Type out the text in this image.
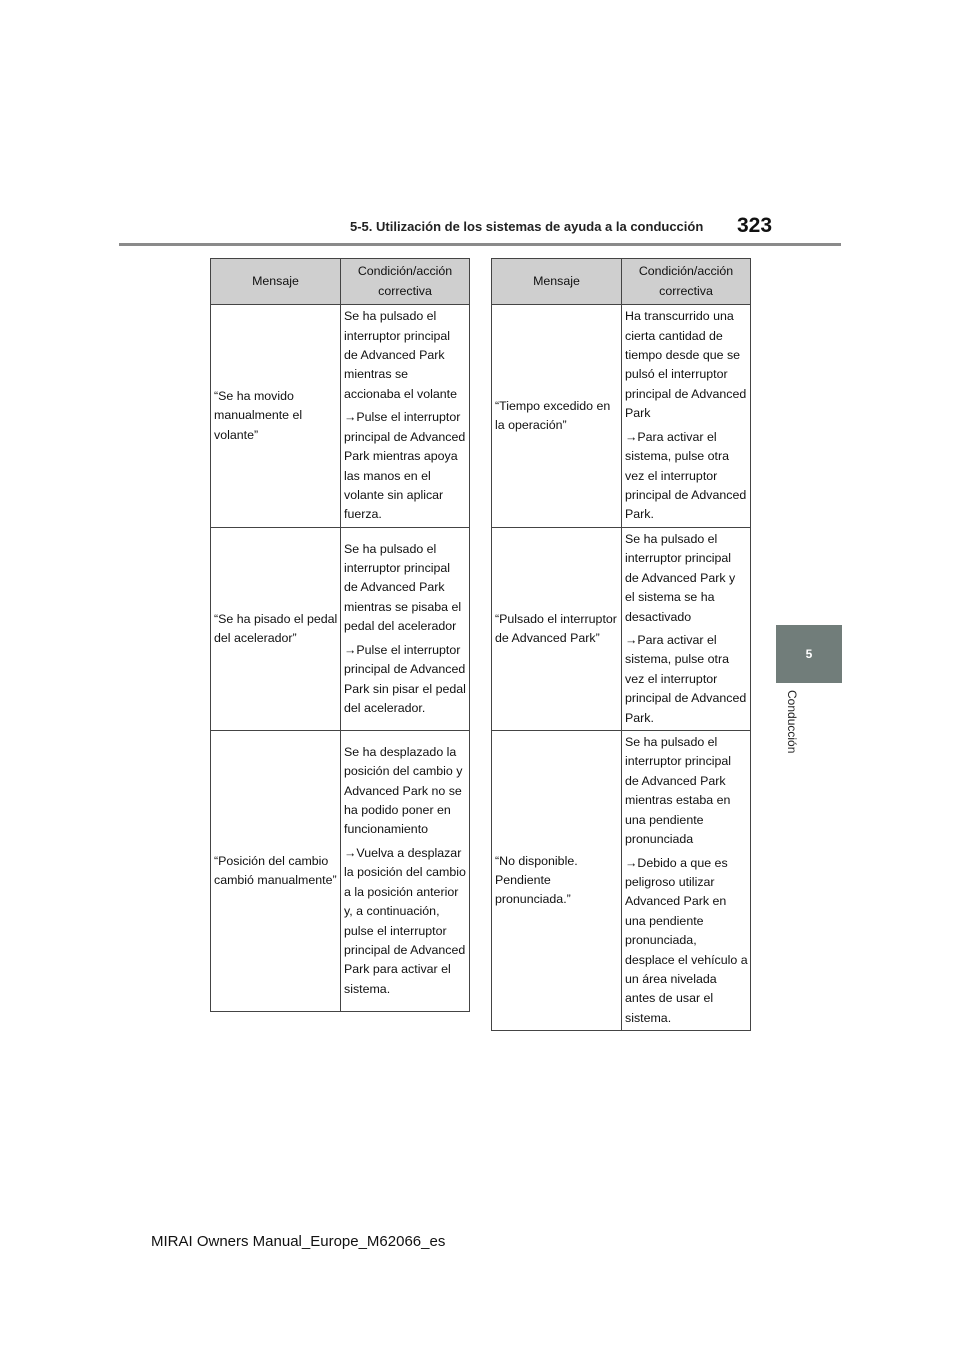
5-5. Utilización de los sistemas de ayuda a la conducción 323
5
Conducción
Mensaje	Condición/acción correctiva
“Se ha movido manualmente el volante”	Se ha pulsado el interruptor principal de Advanced Park mientras se accionaba el volante

→Pulse el interruptor principal de Advanced Park mientras apoya las manos en el volante sin aplicar fuerza.

“Se ha pisado el pedal del acelerador”	Se ha pulsado el interruptor principal de Advanced Park mientras se pisaba el pedal del acelerador

→Pulse el interruptor principal de Advanced Park sin pisar el pedal del acelerador.

“Posición del cambio cambió manualmente”	Se ha desplazado la posición del cambio y Advanced Park no se ha podido poner en funcionamiento

→Vuelva a desplazar la posición del cambio a la posición anterior y, a continuación, pulse el interruptor principal de Advanced Park para activar el sistema.

Mensaje	Condición/acción correctiva
“Tiempo excedido en la operación”	Ha transcurrido una cierta cantidad de tiempo desde que se pulsó el interruptor principal de Advanced Park

→Para activar el sistema, pulse otra vez el interruptor principal de Advanced Park.

“Pulsado el interruptor de Advanced Park”	Se ha pulsado el interruptor principal de Advanced Park y el sistema se ha desactivado

→Para activar el sistema, pulse otra vez el interruptor principal de Advanced Park.

“No disponible. Pendiente pronunciada.”	Se ha pulsado el interruptor principal de Advanced Park mientras estaba en una pendiente pronunciada

→Debido a que es peligroso utilizar Advanced Park en una pendiente pronunciada, desplace el vehículo a un área nivelada antes de usar el sistema.

MIRAI Owners Manual_Europe_M62066_es
